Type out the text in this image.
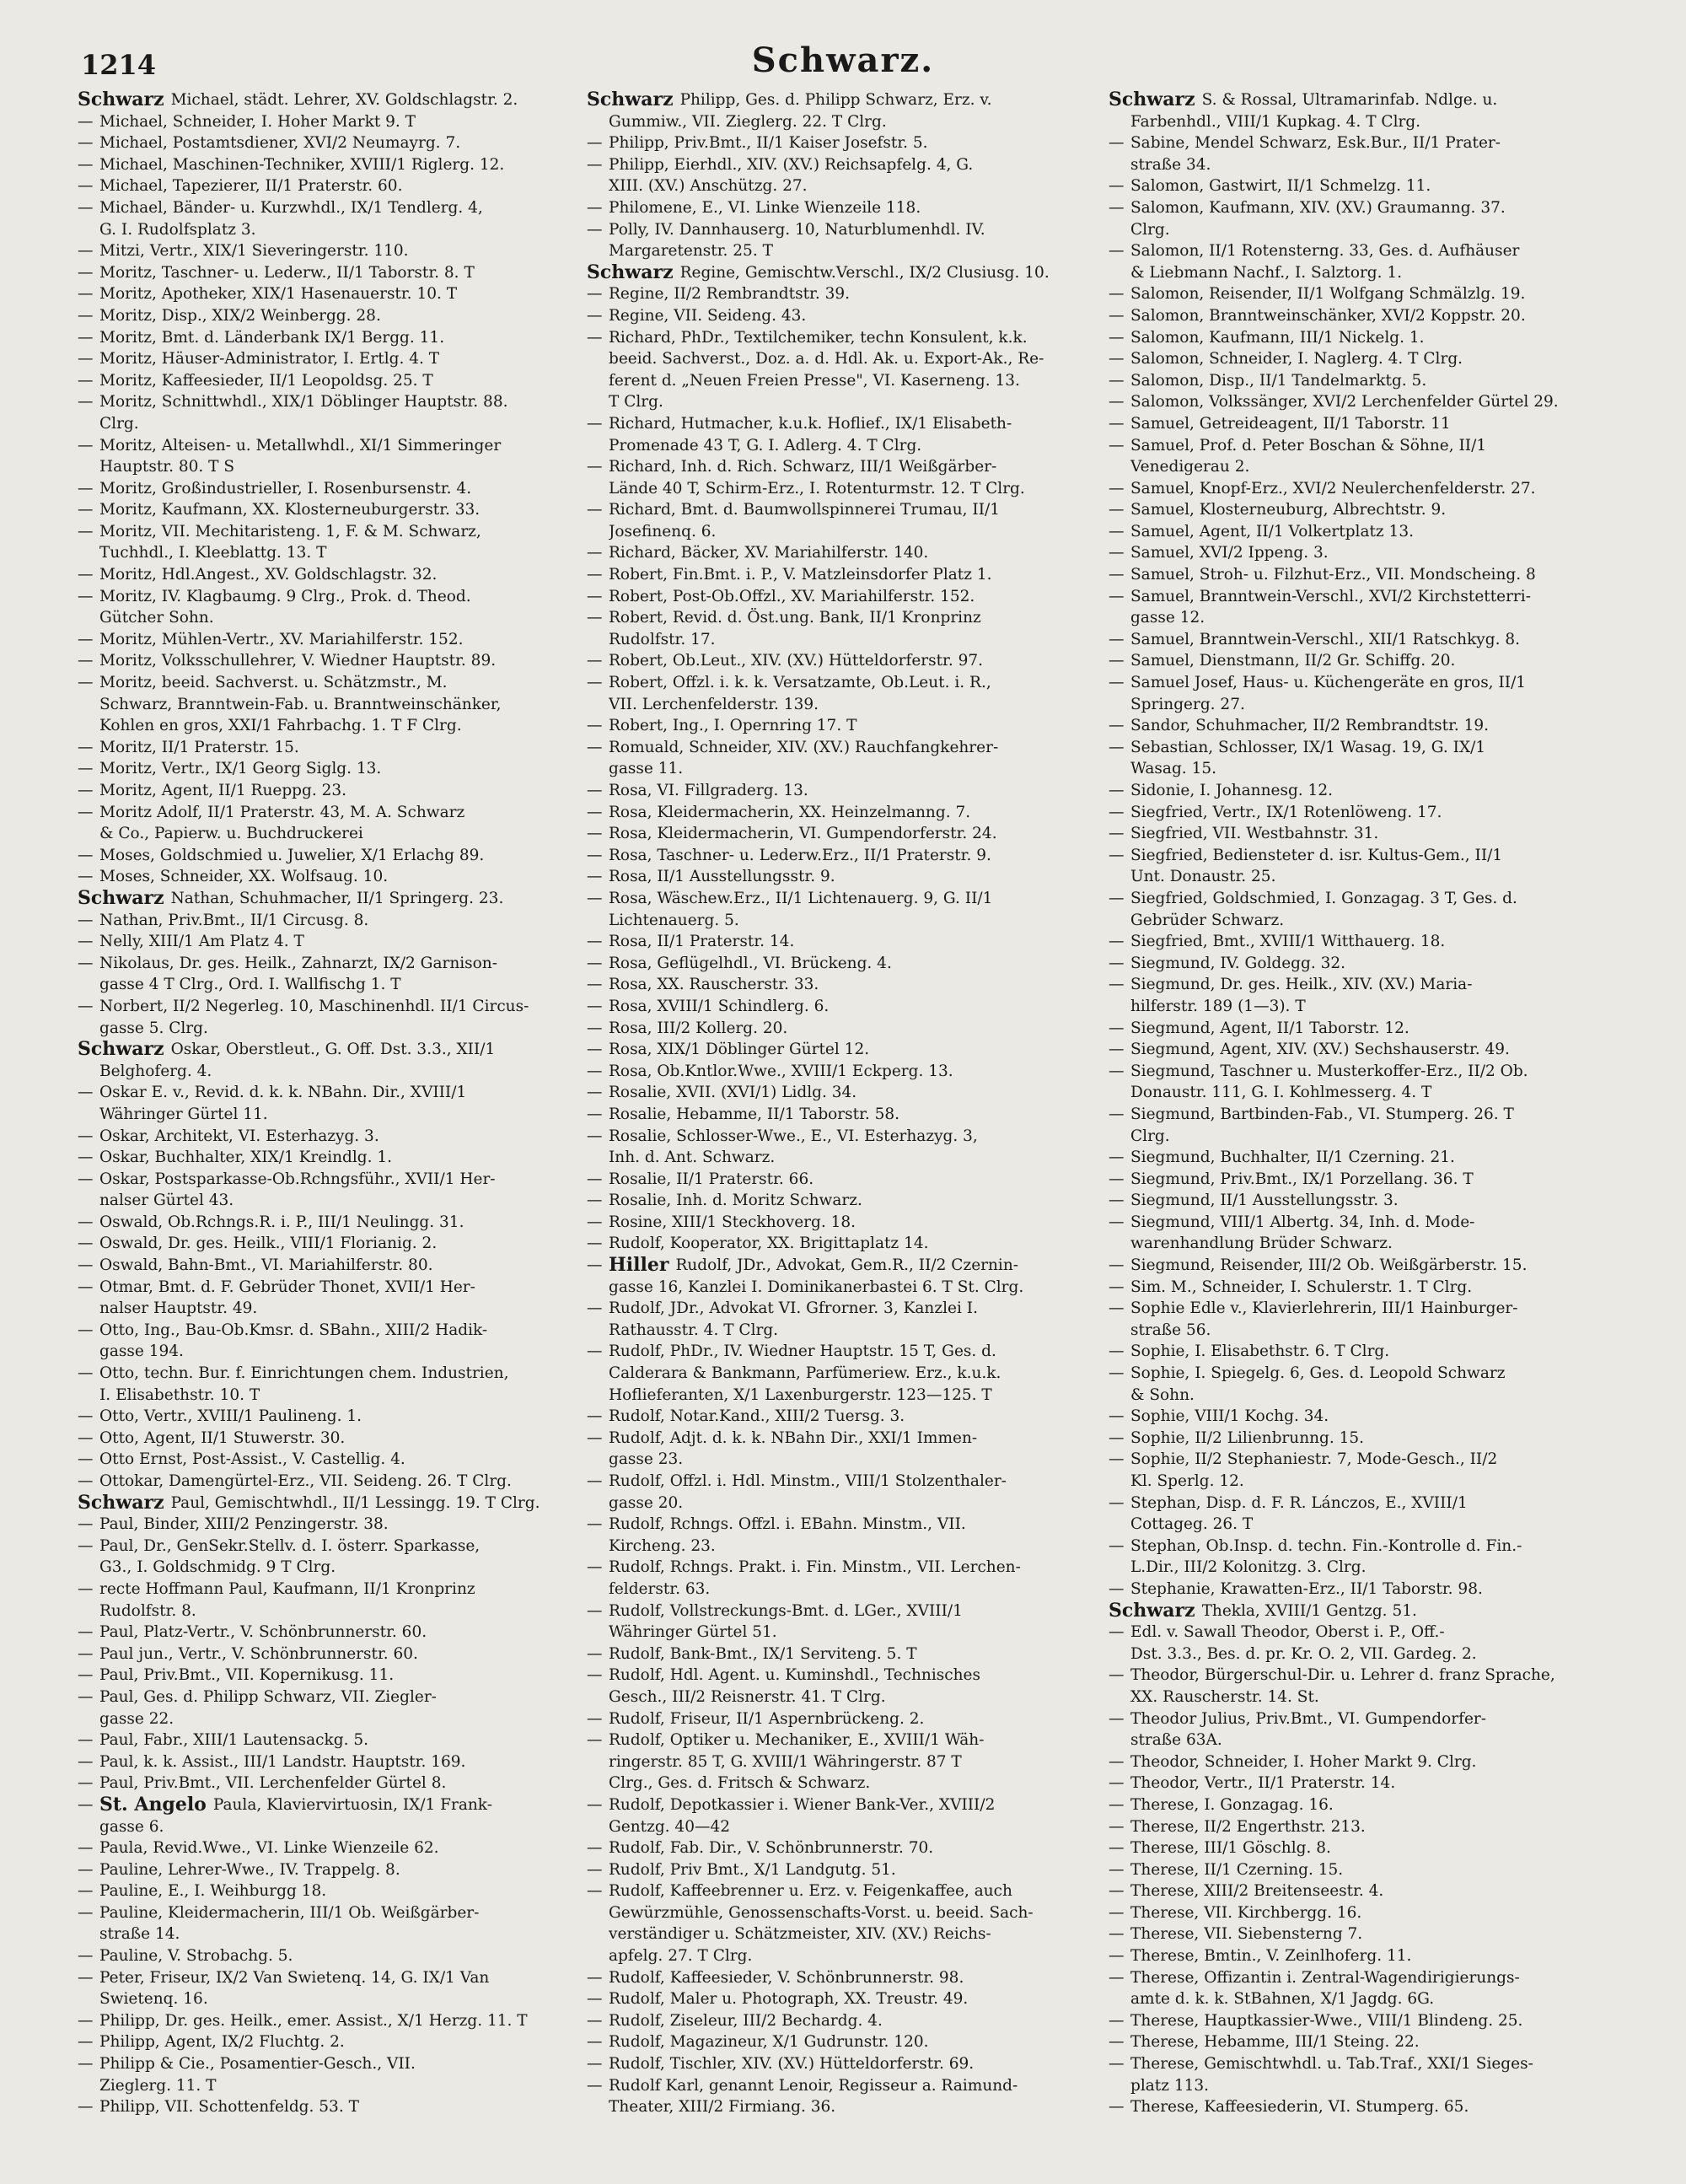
1214	Schwarz.
Schwarz Michael, städt. Lehrer, XV. Goldschlagstr. 2.
— Michael, Schneider, I. Hoher Markt 9. T
— Michael, Postamtsdiener, XVI/2 Neumayrg. 7.
— Michael, Maschinen-Techniker, XVIII/1 Riglerg. 12.
— Michael, Tapezierer, II/1 Praterstr. 60.
— Michael, Bänder- u. Kurzwhdl., IX/1 Tendlerg. 4,
G. I. Rudolfsplatz 3.
— Mitzi, Vertr., XIX/1 Sieveringerstr. 110.
— Moritz, Taschner- u. Lederw., II/1 Taborstr. 8. T
— Moritz, Apotheker, XIX/1 Hasenauerstr. 10. T
— Moritz, Disp., XIX/2 Weinbergg. 28.
— Moritz, Bmt. d. Länderbank IX/1 Bergg. 11.
— Moritz, Häuser-Administrator, I. Ertlg. 4. T
— Moritz, Kaffeesieder, II/1 Leopoldsg. 25. T
— Moritz, Schnittwhdl., XIX/1 Döblinger Hauptstr. 88.
Clrg.
— Moritz, Alteisen- u. Metallwhdl., XI/1 Simmeringer
Hauptstr. 80. T S
— Moritz, Großindustrieller, I. Rosenbursenstr. 4.
— Moritz, Kaufmann, XX. Klosterneuburgerstr. 33.
— Moritz, VII. Mechitaristeng. 1, F. & M. Schwarz,
Tuchhdl., I. Kleeblattg. 13. T
— Moritz, Hdl.Angest., XV. Goldschlagstr. 32.
— Moritz, IV. Klagbaumg. 9 Clrg., Prok. d. Theod.
Gütcher Sohn.
— Moritz, Mühlen-Vertr., XV. Mariahilferstr. 152.
— Moritz, Volksschullehrer, V. Wiedner Hauptstr. 89.
— Moritz, beeid. Sachverst. u. Schätzmstr., M.
Schwarz, Branntwein-Fab. u. Branntweinschänker,
Kohlen en gros, XXI/1 Fahrbachg. 1. T F Clrg.
— Moritz, II/1 Praterstr. 15.
— Moritz, Vertr., IX/1 Georg Siglg. 13.
— Moritz, Agent, II/1 Rueppg. 23.
— Moritz Adolf, II/1 Praterstr. 43, M. A. Schwarz
& Co., Papierw. u. Buchdruckerei
— Moses, Goldschmied u. Juwelier, X/1 Erlachg 89.
— Moses, Schneider, XX. Wolfsaug. 10.
Schwarz Nathan, Schuhmacher, II/1 Springerg. 23.
— Nathan, Priv.Bmt., II/1 Circusg. 8.
— Nelly, XIII/1 Am Platz 4. T
— Nikolaus, Dr. ges. Heilk., Zahnarzt, IX/2 Garnison-
gasse 4 T Clrg., Ord. I. Wallfischg 1. T
— Norbert, II/2 Negerleg. 10, Maschinenhdl. II/1 Circus-
gasse 5. Clrg.
Schwarz Oskar, Oberstleut., G. Off. Dst. 3.3., XII/1
Belghoferg. 4.
— Oskar E. v., Revid. d. k. k. NBahn. Dir., XVIII/1
Währinger Gürtel 11.
— Oskar, Architekt, VI. Esterhazyg. 3.
— Oskar, Buchhalter, XIX/1 Kreindlg. 1.
— Oskar, Postsparkasse-Ob.Rchngsführ., XVII/1 Her-
nalser Gürtel 43.
— Oswald, Ob.Rchngs.R. i. P., III/1 Neulingg. 31.
— Oswald, Dr. ges. Heilk., VIII/1 Florianig. 2.
— Oswald, Bahn-Bmt., VI. Mariahilferstr. 80.
— Otmar, Bmt. d. F. Gebrüder Thonet, XVII/1 Her-
nalser Hauptstr. 49.
— Otto, Ing., Bau-Ob.Kmsr. d. SBahn., XIII/2 Hadik-
gasse 194.
— Otto, techn. Bur. f. Einrichtungen chem. Industrien,
I. Elisabethstr. 10. T
— Otto, Vertr., XVIII/1 Paulineng. 1.
— Otto, Agent, II/1 Stuwerstr. 30.
— Otto Ernst, Post-Assist., V. Castellig. 4.
— Ottokar, Damengürtel-Erz., VII. Seideng. 26. T Clrg.
Schwarz Paul, Gemischtwhdl., II/1 Lessingg. 19. T Clrg.
— Paul, Binder, XIII/2 Penzingerstr. 38.
— Paul, Dr., GenSekr.Stellv. d. I. österr. Sparkasse,
G3., I. Goldschmidg. 9 T Clrg.
— recte Hoffmann Paul, Kaufmann, II/1 Kronprinz
Rudolfstr. 8.
— Paul, Platz-Vertr., V. Schönbrunnerstr. 60.
— Paul jun., Vertr., V. Schönbrunnerstr. 60.
— Paul, Priv.Bmt., VII. Kopernikusg. 11.
— Paul, Ges. d. Philipp Schwarz, VII. Ziegler-
gasse 22.
— Paul, Fabr., XIII/1 Lautensackg. 5.
— Paul, k. k. Assist., III/1 Landstr. Hauptstr. 169.
— Paul, Priv.Bmt., VII. Lerchenfelder Gürtel 8.
— St. Angelo Paula, Klaviervirtuosin, IX/1 Frank-
gasse 6.
— Paula, Revid.Wwe., VI. Linke Wienzeile 62.
— Pauline, Lehrer-Wwe., IV. Trappelg. 8.
— Pauline, E., I. Weihburgg 18.
— Pauline, Kleidermacherin, III/1 Ob. Weißgärber-
straße 14.
— Pauline, V. Strobachg. 5.
— Peter, Friseur, IX/2 Van Swietenq. 14, G. IX/1 Van
Swietenq. 16.
— Philipp, Dr. ges. Heilk., emer. Assist., X/1 Herzg. 11. T
— Philipp, Agent, IX/2 Fluchtg. 2.
— Philipp & Cie., Posamentier-Gesch., VII.
Zieglerg. 11. T
— Philipp, VII. Schottenfeldg. 53. T
Schwarz Philipp, Ges. d. Philipp Schwarz, Erz. v.
Gummiw., VII. Zieglerg. 22. T Clrg.
— Philipp, Priv.Bmt., II/1 Kaiser Josefstr. 5.
— Philipp, Eierhdl., XIV. (XV.) Reichsapfelg. 4, G.
XIII. (XV.) Anschützg. 27.
— Philomene, E., VI. Linke Wienzeile 118.
— Polly, IV. Dannhauserg. 10, Naturblumenhdl. IV.
Margaretenstr. 25. T
Schwarz Regine, Gemischtw.Verschl., IX/2 Clusiusg. 10.
— Regine, II/2 Rembrandtstr. 39.
— Regine, VII. Seideng. 43.
— Richard, PhDr., Textilchemiker, techn Konsulent, k.k.
beeid. Sachverst., Doz. a. d. Hdl. Ak. u. Export-Ak., Re-
ferent d. „Neuen Freien Presse", VI. Kaserneng. 13.
T Clrg.
— Richard, Hutmacher, k.u.k. Hoflief., IX/1 Elisabeth-
Promenade 43 T, G. I. Adlerg. 4. T Clrg.
— Richard, Inh. d. Rich. Schwarz, III/1 Weißgärber-
Lände 40 T, Schirm-Erz., I. Rotenturmstr. 12. T Clrg.
— Richard, Bmt. d. Baumwollspinnerei Trumau, II/1
Josefinenq. 6.
— Richard, Bäcker, XV. Mariahilferstr. 140.
— Robert, Fin.Bmt. i. P., V. Matzleinsdorfer Platz 1.
— Robert, Post-Ob.Offzl., XV. Mariahilferstr. 152.
— Robert, Revid. d. Öst.ung. Bank, II/1 Kronprinz
Rudolfstr. 17.
— Robert, Ob.Leut., XIV. (XV.) Hütteldorferstr. 97.
— Robert, Offzl. i. k. k. Versatzamte, Ob.Leut. i. R.,
VII. Lerchenfelderstr. 139.
— Robert, Ing., I. Opernring 17. T
— Romuald, Schneider, XIV. (XV.) Rauchfangkehrer-
gasse 11.
— Rosa, VI. Fillgraderg. 13.
— Rosa, Kleidermacherin, XX. Heinzelmanng. 7.
— Rosa, Kleidermacherin, VI. Gumpendorferstr. 24.
— Rosa, Taschner- u. Lederw.Erz., II/1 Praterstr. 9.
— Rosa, II/1 Ausstellungsstr. 9.
— Rosa, Wäschew.Erz., II/1 Lichtenauerg. 9, G. II/1
Lichtenauerg. 5.
— Rosa, II/1 Praterstr. 14.
— Rosa, Geflügelhdl., VI. Brückeng. 4.
— Rosa, XX. Rauscherstr. 33.
— Rosa, XVIII/1 Schindlerg. 6.
— Rosa, III/2 Kollerg. 20.
— Rosa, XIX/1 Döblinger Gürtel 12.
— Rosa, Ob.Kntlor.Wwe., XVIII/1 Eckperg. 13.
— Rosalie, XVII. (XVI/1) Lidlg. 34.
— Rosalie, Hebamme, II/1 Taborstr. 58.
— Rosalie, Schlosser-Wwe., E., VI. Esterhazyg. 3,
Inh. d. Ant. Schwarz.
— Rosalie, II/1 Praterstr. 66.
— Rosalie, Inh. d. Moritz Schwarz.
— Rosine, XIII/1 Steckhoverg. 18.
— Rudolf, Kooperator, XX. Brigittaplatz 14.
— Hiller Rudolf, JDr., Advokat, Gem.R., II/2 Czernin-
gasse 16, Kanzlei I. Dominikanerbastei 6. T St. Clrg.
— Rudolf, JDr., Advokat VI. Gfrorner. 3, Kanzlei I.
Rathausstr. 4. T Clrg.
— Rudolf, PhDr., IV. Wiedner Hauptstr. 15 T, Ges. d.
Calderara & Bankmann, Parfümeriew. Erz., k.u.k.
Hoflieferanten, X/1 Laxenburgerstr. 123—125. T
— Rudolf, Notar.Kand., XIII/2 Tuersg. 3.
— Rudolf, Adjt. d. k. k. NBahn Dir., XXI/1 Immen-
gasse 23.
— Rudolf, Offzl. i. Hdl. Minstm., VIII/1 Stolzenthaler-
gasse 20.
— Rudolf, Rchngs. Offzl. i. EBahn. Minstm., VII.
Kircheng. 23.
— Rudolf, Rchngs. Prakt. i. Fin. Minstm., VII. Lerchen-
felderstr. 63.
— Rudolf, Vollstreckungs-Bmt. d. LGer., XVIII/1
Währinger Gürtel 51.
— Rudolf, Bank-Bmt., IX/1 Serviteng. 5. T
— Rudolf, Hdl. Agent. u. Kuminshdl., Technisches
Gesch., III/2 Reisnerstr. 41. T Clrg.
— Rudolf, Friseur, II/1 Aspernbrückeng. 2.
— Rudolf, Optiker u. Mechaniker, E., XVIII/1 Wäh-
ringerstr. 85 T, G. XVIII/1 Währingerstr. 87 T
Clrg., Ges. d. Fritsch & Schwarz.
— Rudolf, Depotkassier i. Wiener Bank-Ver., XVIII/2
Gentzg. 40—42
— Rudolf, Fab. Dir., V. Schönbrunnerstr. 70.
— Rudolf, Priv Bmt., X/1 Landgutg. 51.
— Rudolf, Kaffeebrenner u. Erz. v. Feigenkaffee, auch
Gewürzmühle, Genossenschafts-Vorst. u. beeid. Sach-
verständiger u. Schätzmeister, XIV. (XV.) Reichs-
apfelg. 27. T Clrg.
— Rudolf, Kaffeesieder, V. Schönbrunnerstr. 98.
— Rudolf, Maler u. Photograph, XX. Treustr. 49.
— Rudolf, Ziseleur, III/2 Bechardg. 4.
— Rudolf, Magazineur, X/1 Gudrunstr. 120.
— Rudolf, Tischler, XIV. (XV.) Hütteldorferstr. 69.
— Rudolf Karl, genannt Lenoir, Regisseur a. Raimund-
Theater, XIII/2 Firmiang. 36.
Schwarz S. & Rossal, Ultramarinfab. Ndlge. u.
Farbenhdl., VIII/1 Kupkag. 4. T Clrg.
— Sabine, Mendel Schwarz, Esk.Bur., II/1 Prater-
straße 34.
— Salomon, Gastwirt, II/1 Schmelzg. 11.
— Salomon, Kaufmann, XIV. (XV.) Graumanng. 37.
Clrg.
— Salomon, II/1 Rotensterng. 33, Ges. d. Aufhäuser
& Liebmann Nachf., I. Salztorg. 1.
— Salomon, Reisender, II/1 Wolfgang Schmälzlg. 19.
— Salomon, Branntweinschänker, XVI/2 Koppstr. 20.
— Salomon, Kaufmann, III/1 Nickelg. 1.
— Salomon, Schneider, I. Naglerg. 4. T Clrg.
— Salomon, Disp., II/1 Tandelmarktg. 5.
— Salomon, Volkssänger, XVI/2 Lerchenfelder Gürtel 29.
— Samuel, Getreideagent, II/1 Taborstr. 11
— Samuel, Prof. d. Peter Boschan & Söhne, II/1
Venedigerau 2.
— Samuel, Knopf-Erz., XVI/2 Neulerchenfelderstr. 27.
— Samuel, Klosterneuburg, Albrechtstr. 9.
— Samuel, Agent, II/1 Volkertplatz 13.
— Samuel, XVI/2 Ippeng. 3.
— Samuel, Stroh- u. Filzhut-Erz., VII. Mondscheing. 8
— Samuel, Branntwein-Verschl., XVI/2 Kirchstetterri-
gasse 12.
— Samuel, Branntwein-Verschl., XII/1 Ratschkyg. 8.
— Samuel, Dienstmann, II/2 Gr. Schiffg. 20.
— Samuel Josef, Haus- u. Küchengeräte en gros, II/1
Springerg. 27.
— Sandor, Schuhmacher, II/2 Rembrandtstr. 19.
— Sebastian, Schlosser, IX/1 Wasag. 19, G. IX/1
Wasag. 15.
— Sidonie, I. Johannesg. 12.
— Siegfried, Vertr., IX/1 Rotenlöweng. 17.
— Siegfried, VII. Westbahnstr. 31.
— Siegfried, Bediensteter d. isr. Kultus-Gem., II/1
Unt. Donaustr. 25.
— Siegfried, Goldschmied, I. Gonzagag. 3 T, Ges. d.
Gebrüder Schwarz.
— Siegfried, Bmt., XVIII/1 Witthauerg. 18.
— Siegmund, IV. Goldegg. 32.
— Siegmund, Dr. ges. Heilk., XIV. (XV.) Maria-
hilferstr. 189 (1—3). T
— Siegmund, Agent, II/1 Taborstr. 12.
— Siegmund, Agent, XIV. (XV.) Sechshauserstr. 49.
— Siegmund, Taschner u. Musterkoffer-Erz., II/2 Ob.
Donaustr. 111, G. I. Kohlmesserg. 4. T
— Siegmund, Bartbinden-Fab., VI. Stumperg. 26. T
Clrg.
— Siegmund, Buchhalter, II/1 Czerning. 21.
— Siegmund, Priv.Bmt., IX/1 Porzellang. 36. T
— Siegmund, II/1 Ausstellungsstr. 3.
— Siegmund, VIII/1 Albertg. 34, Inh. d. Mode-
warenhandlung Brüder Schwarz.
— Siegmund, Reisender, III/2 Ob. Weißgärberstr. 15.
— Sim. M., Schneider, I. Schulerstr. 1. T Clrg.
— Sophie Edle v., Klavierlehrerin, III/1 Hainburger-
straße 56.
— Sophie, I. Elisabethstr. 6. T Clrg.
— Sophie, I. Spiegelg. 6, Ges. d. Leopold Schwarz
& Sohn.
— Sophie, VIII/1 Kochg. 34.
— Sophie, II/2 Lilienbrunng. 15.
— Sophie, II/2 Stephaniestr. 7, Mode-Gesch., II/2
Kl. Sperlg. 12.
— Stephan, Disp. d. F. R. Lánczos, E., XVIII/1
Cottageg. 26. T
— Stephan, Ob.Insp. d. techn. Fin.-Kontrolle d. Fin.-
L.Dir., III/2 Kolonitzg. 3. Clrg.
— Stephanie, Krawatten-Erz., II/1 Taborstr. 98.
Schwarz Thekla, XVIII/1 Gentzg. 51.
— Edl. v. Sawall Theodor, Oberst i. P., Off.-
Dst. 3.3., Bes. d. pr. Kr. O. 2, VII. Gardeg. 2.
— Theodor, Bürgerschul-Dir. u. Lehrer d. franz Sprache,
XX. Rauscherstr. 14. St.
— Theodor Julius, Priv.Bmt., VI. Gumpendorfer-
straße 63A.
— Theodor, Schneider, I. Hoher Markt 9. Clrg.
— Theodor, Vertr., II/1 Praterstr. 14.
— Therese, I. Gonzagag. 16.
— Therese, II/2 Engerthstr. 213.
— Therese, III/1 Göschlg. 8.
— Therese, II/1 Czerning. 15.
— Therese, XIII/2 Breitenseestr. 4.
— Therese, VII. Kirchbergg. 16.
— Therese, VII. Siebensterng 7.
— Therese, Bmtin., V. Zeinlhoferg. 11.
— Therese, Offizantin i. Zentral-Wagendirigierungs-
amte d. k. k. StBahnen, X/1 Jagdg. 6G.
— Therese, Hauptkassier-Wwe., VIII/1 Blindeng. 25.
— Therese, Hebamme, III/1 Steing. 22.
— Therese, Gemischtwhdl. u. Tab.Traf., XXI/1 Sieges-
platz 113.
— Therese, Kaffeesiederin, VI. Stumperg. 65.
